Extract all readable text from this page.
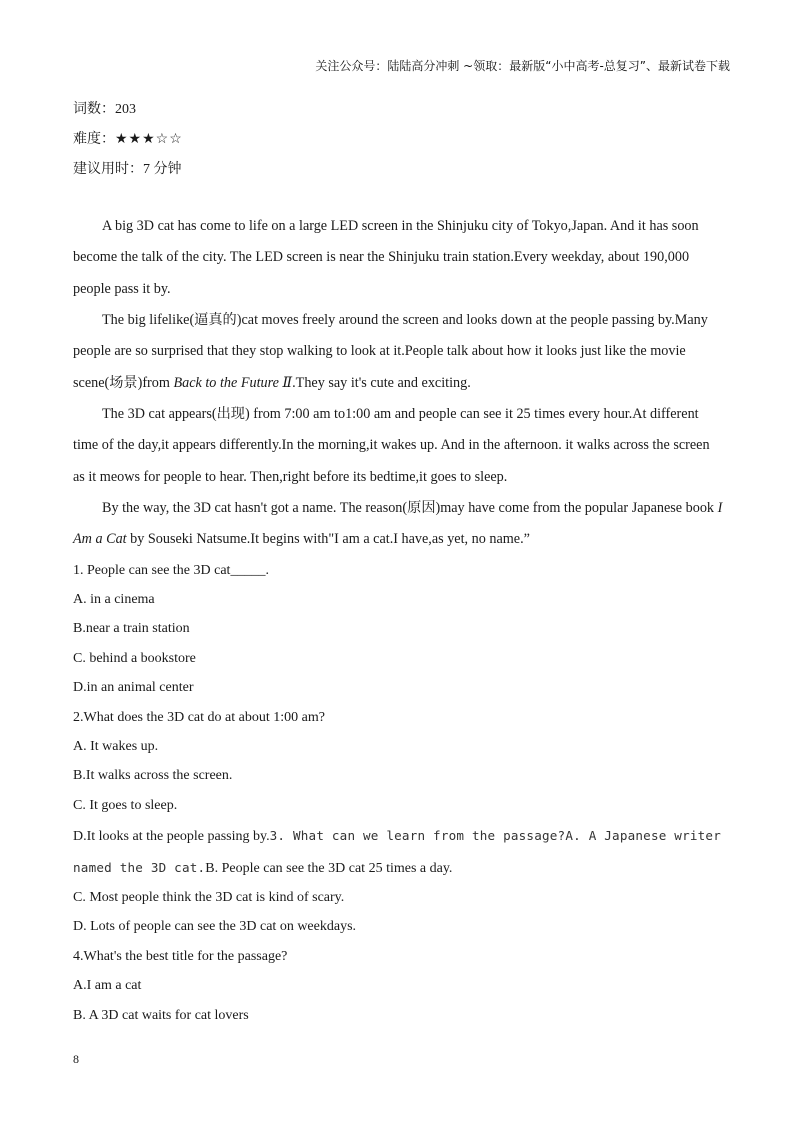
关注公众号：陆陆高分冲刺 ~领取：最新版“小中高考-总复习”、最新试卷下载
词数：203
难度：★★★☆☆
建议用时：7 分钟

A big 3D cat has come to life on a large LED screen in the Shinjuku city of Tokyo,Japan. And it has soon become the talk of the city. The LED screen is near the Shinjuku train station.Every weekday, about 190,000 people pass it by.

The big lifelike(逼真的)cat moves freely around the screen and looks down at the people passing by.Many people are so surprised that they stop walking to look at it.People talk about how it looks just like the movie scene(场景)from Back to the Future Ⅱ.They say it's cute and exciting.

The 3D cat appears(出现) from 7:00 am to1:00 am and people can see it 25 times every hour.At different time of the day,it appears differently.In the morning,it wakes up. And in the afternoon. it walks across the screen as it meows for people to hear. Then,right before its bedtime,it goes to sleep.

By the way, the 3D cat hasn't got a name. The reason(原因)may have come from the popular Japanese book I Am a Cat by Souseki Natsume.It begins with"I am a cat.I have,as yet, no name.”

1. People can see the 3D cat_____.

A. in a cinema

B.near a train station

C. behind a bookstore

D.in an animal center

2.What does the 3D cat do at about 1:00 am?

A. It wakes up.

B.It walks across the screen.

C. It goes to sleep.

D.It looks at the people passing by.3. What can we learn from the passage?A. A Japanese writer

named the 3D cat.B. People can see the 3D cat 25 times a day.

C. Most people think the 3D cat is kind of scary.

D. Lots of people can see the 3D cat on weekdays.

4.What's the best title for the passage?

A.I am a cat

B. A 3D cat waits for cat lovers

8
